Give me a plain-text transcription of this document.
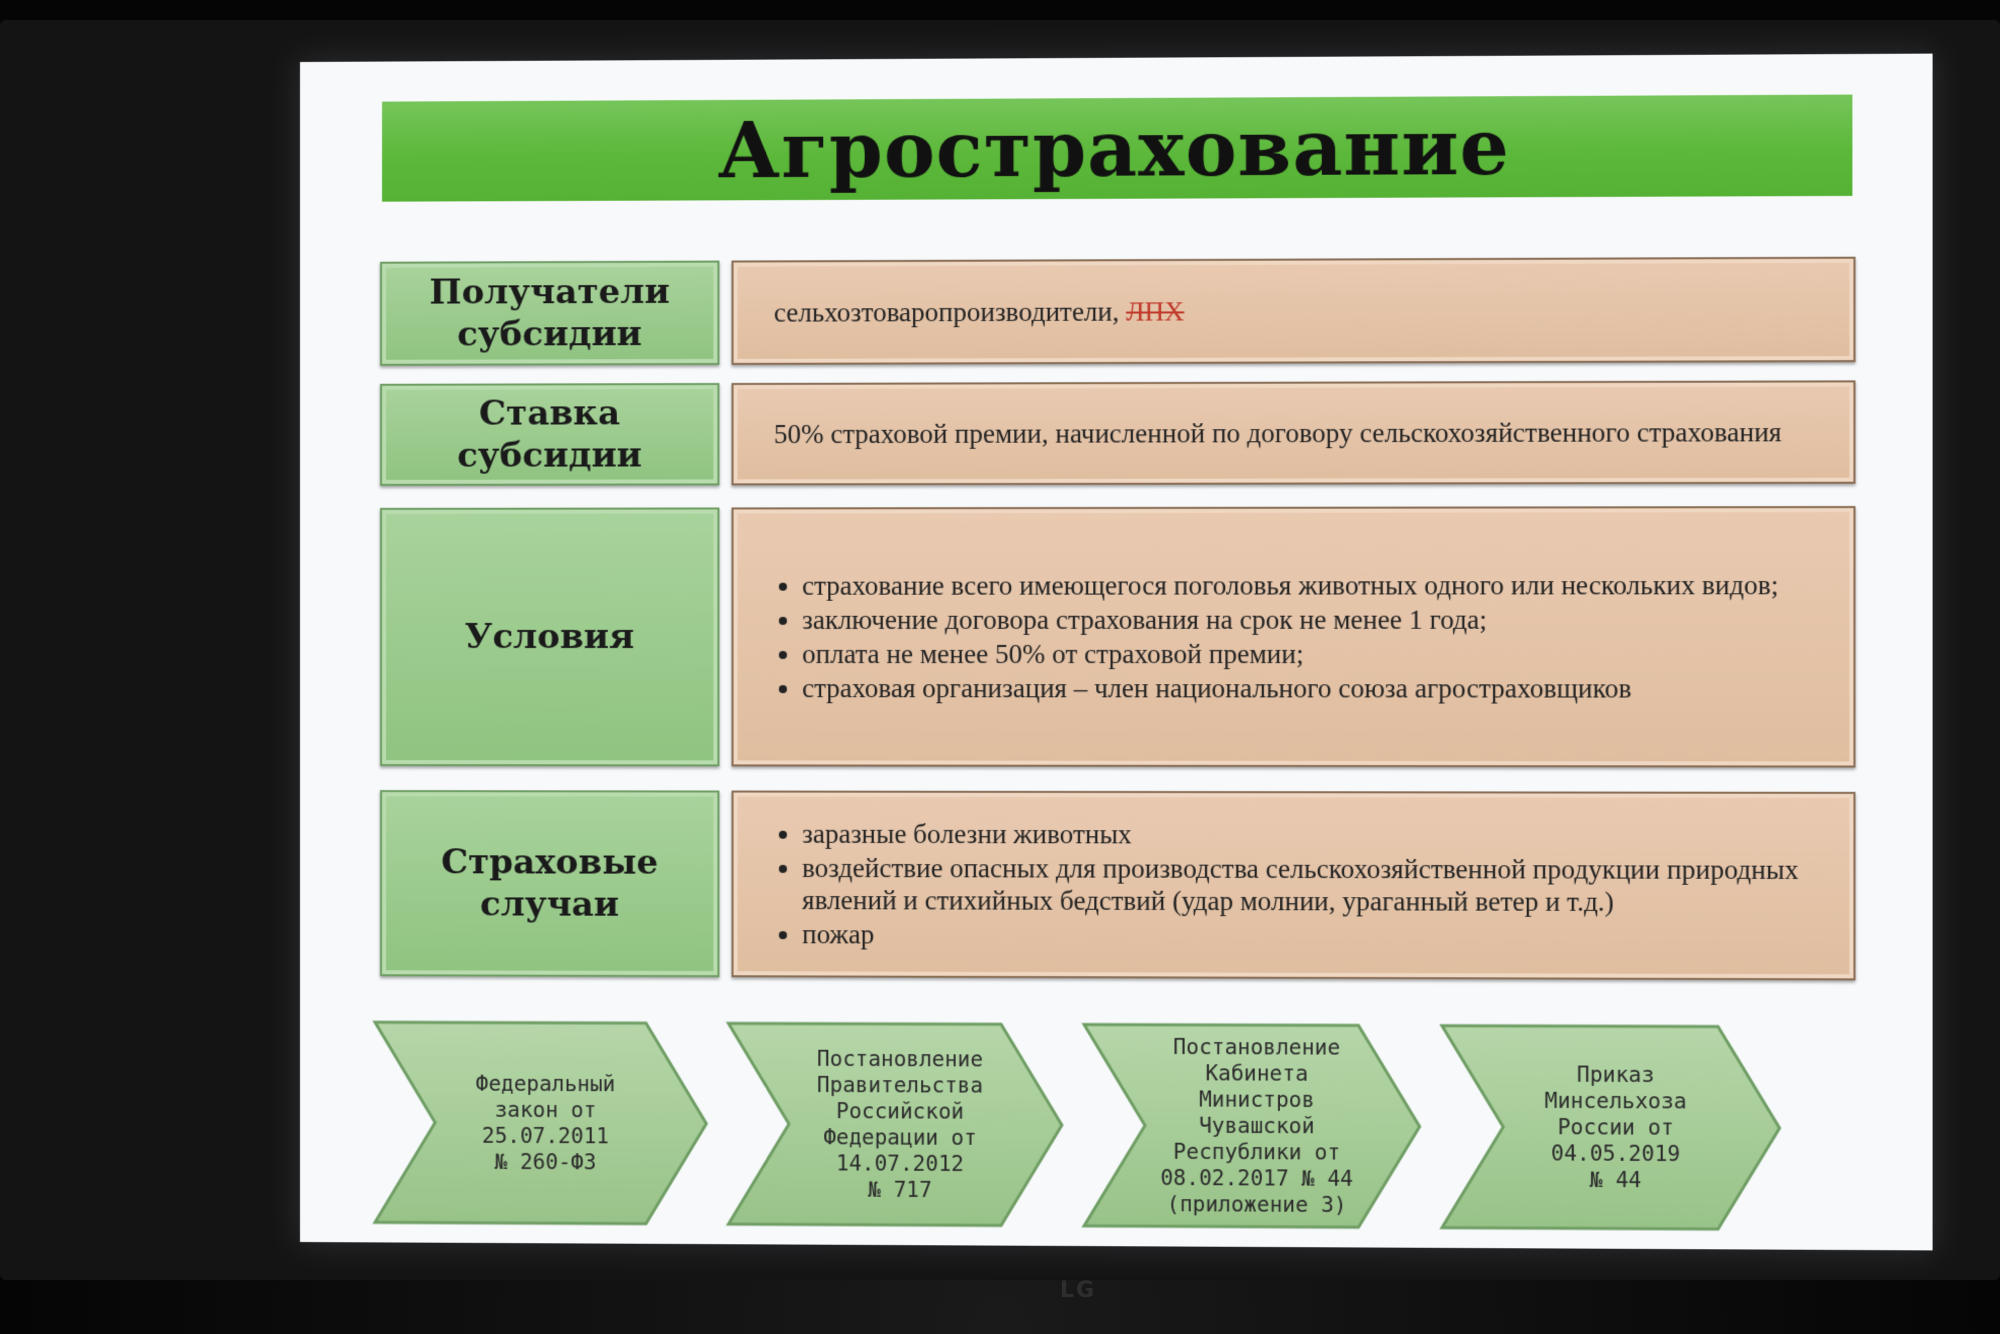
LG
Агрострахование
Получатели
субсидии
сельхозтоваропроизводители, ЛПХ
Ставка субсидии
50% страховой премии, начисленной по договору сельскохозяйственного страхования
Условия
• страхование всего имеющегося поголовья животных одного или нескольких видов;
• заключение договора страхования на срок не менее 1 года;
• оплата не менее 50% от страховой премии;
• страховая организация – член национального союза агростраховщиков
Страховые
случаи
• заразные болезни животных
• воздействие опасных для производства сельскохозяйственной продукции природных явлений и стихийных бедствий (удар молнии, ураганный ветер и т.д.)
• пожар
Федеральный
закон от
25.07.2011
№ 260-ФЗ
Постановление
Правительства
Российской
Федерации от
14.07.2012
№ 717
Постановление
Кабинета
Министров
Чувашской
Республики от
08.02.2017 № 44
(приложение 3)
Приказ
Минсельхоза
России от
04.05.2019
№ 44
